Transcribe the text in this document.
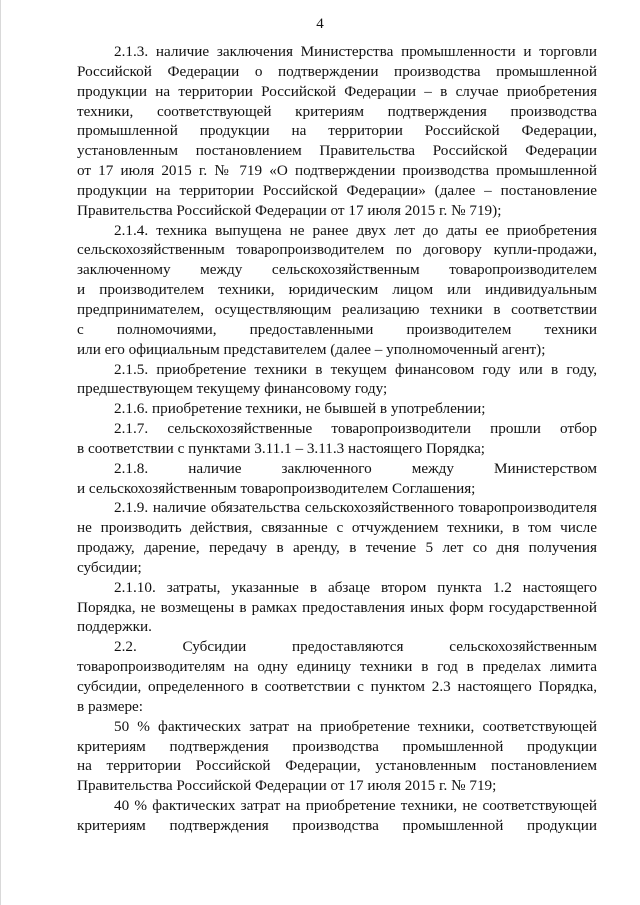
4
2.1.3. наличие заключения Министерства промышленности и торговли
Российской Федерации о подтверждении производства промышленной
продукции на территории Российской Федерации – в случае приобретения
техники, соответствующей критериям подтверждения производства
промышленной продукции на территории Российской Федерации,
установленным постановлением Правительства Российской Федерации
от 17 июля 2015 г. № 719 «О подтверждении производства промышленной
продукции на территории Российской Федерации» (далее – постановление
Правительства Российской Федерации от 17 июля 2015 г. № 719);
2.1.4. техника выпущена не ранее двух лет до даты ее приобретения
сельскохозяйственным товаропроизводителем по договору купли-продажи,
заключенному между сельскохозяйственным товаропроизводителем
и производителем техники, юридическим лицом или индивидуальным
предпринимателем, осуществляющим реализацию техники в соответствии
с полномочиями, предоставленными производителем техники
или его официальным представителем (далее – уполномоченный агент);
2.1.5. приобретение техники в текущем финансовом году или в году,
предшествующем текущему финансовому году;
2.1.6. приобретение техники, не бывшей в употреблении;
2.1.7. сельскохозяйственные товаропроизводители прошли отбор
в соответствии с пунктами 3.11.1 – 3.11.3 настоящего Порядка;
2.1.8. наличие заключенного между Министерством
и сельскохозяйственным товаропроизводителем Соглашения;
2.1.9. наличие обязательства сельскохозяйственного товаропроизводителя
не производить действия, связанные с отчуждением техники, в том числе
продажу, дарение, передачу в аренду, в течение 5 лет со дня получения
субсидии;
2.1.10. затраты, указанные в абзаце втором пункта 1.2 настоящего
Порядка, не возмещены в рамках предоставления иных форм государственной
поддержки.
2.2. Субсидии предоставляются сельскохозяйственным
товаропроизводителям на одну единицу техники в год в пределах лимита
субсидии, определенного в соответствии с пунктом 2.3 настоящего Порядка,
в размере:
50 % фактических затрат на приобретение техники, соответствующей
критериям подтверждения производства промышленной продукции
на территории Российской Федерации, установленным постановлением
Правительства Российской Федерации от 17 июля 2015 г. № 719;
40 % фактических затрат на приобретение техники, не соответствующей
критериям подтверждения производства промышленной продукции
